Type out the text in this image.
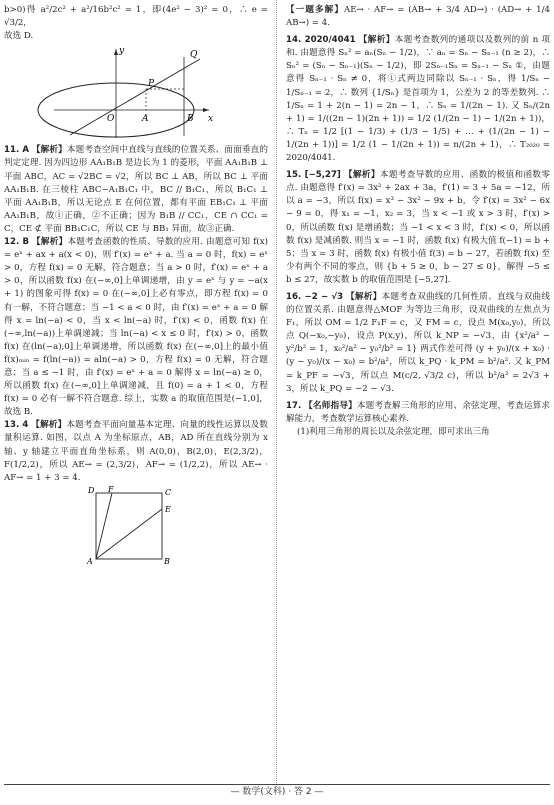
b>0)得 a²/2c² + a²/16b²c² = 1，即(4e² − 3)² = 0，∴ e = √3/2，

故选 D.

y
x
O	A	B
P
Q

11. A 【解析】本题考查空间中直线与直线的位置关系、面面垂直的判定定理. 因为四边形 AA₁B₁B 是边长为 1 的菱形，平面 AA₁B₁B ⊥ 平面 ABC，AC = √2BC = √2，所以 BC ⊥ AB，所以 BC ⊥ 平面 AA₁B₁B. 在三棱柱 ABC−A₁B₁C₁ 中，BC // B₁C₁，所以 B₁C₁ ⊥ 平面 AA₁B₁B，所以无论点 E 在何位置，都有平面 EB₁C₁ ⊥ 平面 AA₁B₁B，故①正确，②不正确；因为 B₁B // CC₁，CE ∩ CC₁ = C，CE ⊄ 平面 BB₁C₁C，所以 CE 与 BB₁ 异面，故③正确.

12. B 【解析】本题考查函数的性质、导数的应用. 由题意可知 f(x) = eˣ + ax + a(x < 0)，则 f′(x) = eˣ + a. 当 a = 0 时，f(x) = eˣ > 0，方程 f(x) = 0 无解，符合题意；当 a > 0 时，f′(x) = eˣ + a > 0，所以函数 f(x) 在(−∞,0]上单调递增，由 y = eˣ 与 y = −a(x + 1) 的图象可得 f(x) = 0 在(−∞,0]上必有零点，即方程 f(x) = 0 有一解，不符合题意；当 −1 < a < 0 时，由 f′(x) = eˣ + a = 0 解得 x = ln(−a) < 0，当 x < ln(−a) 时，f′(x) < 0，函数 f(x) 在(−∞,ln(−a))上单调递减；当 ln(−a) < x ≤ 0 时，f′(x) > 0，函数 f(x) 在(ln(−a),0]上单调递增，所以函数 f(x) 在(−∞,0]上的最小值 f(x)ₘᵢₙ = f(ln(−a)) = aln(−a) > 0，方程 f(x) = 0 无解，符合题意；当 a ≤ −1 时，由 f′(x) = eˣ + a = 0 解得 x = ln(−a) ≥ 0，所以函数 f(x) 在(−∞,0]上单调递减，且 f(0) = a + 1 < 0，方程 f(x) = 0 必有一解不符合题意. 综上，实数 a 的取值范围是(−1,0]，故选 B.

13. 4 【解析】本题考查平面向量基本定理、向量的线性运算以及数量积运算. 如图，以点 A 为坐标原点，AB，AD 所在直线分别为 x 轴、y 轴建立平面直角坐标系，则 A(0,0)，B(2,0)，E(2,3/2)，F(1/2,2)，所以 AE→ = (2,3/2)，AF→ = (1/2,2)，所以 AE→ · AF→ = 1 + 3 = 4.

D F	C
E
A	B

【一题多解】AE→ · AF→ = (AB→ + 3/4 AD→) · (AD→ + 1/4 AB→) = 4.

14. 2020/4041 【解析】本题考查数列的通项以及数列的前 n 项和. 由题意得 Sₙ² = aₙ(Sₙ − 1/2)，∵ aₙ = Sₙ − Sₙ₋₁ (n ≥ 2)，∴ Sₙ² = (Sₙ − Sₙ₋₁)(Sₙ − 1/2)，即 2Sₙ₋₁Sₙ = Sₙ₋₁ − Sₙ ①，由题意得 Sₙ₋₁ · Sₙ ≠ 0，将①式两边同除以 Sₙ₋₁ · Sₙ，得 1/Sₙ − 1/Sₙ₋₁ = 2，∴ 数列 {1/Sₙ} 是首项为 1，公差为 2 的等差数列. ∴ 1/Sₙ = 1 + 2(n − 1) = 2n − 1，∴ Sₙ = 1/(2n − 1). 又 Sₙ/(2n + 1) = 1/((2n − 1)(2n + 1)) = 1/2 (1/(2n − 1) − 1/(2n + 1))，∴ Tₙ = 1/2 [(1 − 1/3) + (1/3 − 1/5) + … + (1/(2n − 1) − 1/(2n + 1))] = 1/2 (1 − 1/(2n + 1)) = n/(2n + 1)，∴ T₂₀₂₀ = 2020/4041.

15. [−5,27] 【解析】本题考查导数的应用、函数的极值和函数零点. 由题意得 f′(x) = 3x² + 2ax + 3a，f′(1) = 3 + 5a = −12，所以 a = −3，所以 f(x) = x³ − 3x² − 9x + b，令 f′(x) = 3x² − 6x − 9 = 0，得 x₁ = −1，x₂ = 3，当 x < −1 或 x > 3 时，f′(x) > 0，所以函数 f(x) 是增函数；当 −1 < x < 3 时，f′(x) < 0，所以函数 f(x) 是减函数. 则当 x = −1 时，函数 f(x) 有极大值 f(−1) = b + 5；当 x = 3 时，函数 f(x) 有极小值 f(3) = b − 27，若函数 f(x) 至少有两个不同的零点，则 {b + 5 ≥ 0，b − 27 ≤ 0}，解得 −5 ≤ b ≤ 27，故实数 b 的取值范围是 [−5,27].

16. −2 − √3 【解析】本题考查双曲线的几何性质、直线与双曲线的位置关系. 由题意得△MOF 为等边三角形，设双曲线的左焦点为 F₁，所以 OM = 1/2 F₁F = c，又 FM = c，设点 M(x₀,y₀)，所以点 Q(−x₀,−y₀)，设点 P(x,y)，所以 k_NP = −√3，由 {x²/a² − y²/b² = 1，x₀²/a² − y₀²/b² = 1} 两式作差可得 (y + y₀)/(x + x₀) · (y − y₀)/(x − x₀) = b²/a²，所以 k_PQ · k_PM = b²/a². 又 k_PM = k_PF = −√3，所以点 M(c/2, √3/2 c)，所以 b²/a² = 2√3 + 3，所以 k_PQ = −2 − √3.

17. 【名师指导】本题考查解三角形的应用、余弦定理，考查运算求解能力，考查数学运算核心素养.

(1)利用三角形的周长以及余弦定理，即可求出三角

— 数学(文科) · 答 2 —
